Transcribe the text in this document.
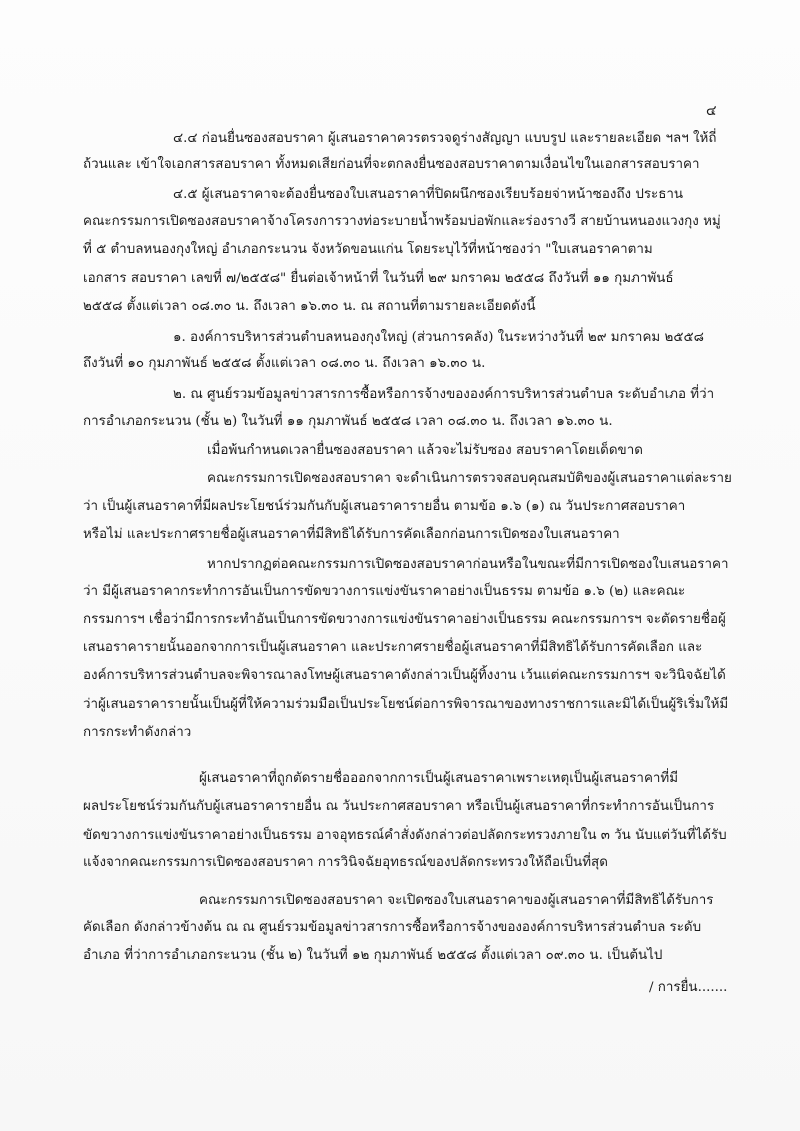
๔
๔.๔ ก่อนยื่นซองสอบราคา ผู้เสนอราคาควรตรวจดูร่างสัญญา แบบรูป และรายละเอียด ฯลฯ ให้ถี่
ถ้วนและ เข้าใจเอกสารสอบราคา ทั้งหมดเสียก่อนที่จะตกลงยื่นซองสอบราคาตามเงื่อนไขในเอกสารสอบราคา
๔.๕ ผู้เสนอราคาจะต้องยื่นซองใบเสนอราคาที่ปิดผนึกซองเรียบร้อยจ่าหน้าซองถึง ประธาน
คณะกรรมการเปิดซองสอบราคาจ้างโครงการวางท่อระบายน้ำพร้อมบ่อพักและร่องรางวี สายบ้านหนองแวงกุง หมู่
ที่ ๕ ตำบลหนองกุงใหญ่ อำเภอกระนวน จังหวัดขอนแก่น โดยระบุไว้ที่หน้าซองว่า "ใบเสนอราคาตาม
เอกสาร สอบราคา เลขที่ ๗/๒๕๕๘" ยื่นต่อเจ้าหน้าที่ ในวันที่ ๒๙ มกราคม ๒๕๕๘ ถึงวันที่ ๑๑ กุมภาพันธ์
๒๕๕๘ ตั้งแต่เวลา ๐๘.๓๐ น. ถึงเวลา ๑๖.๓๐ น. ณ สถานที่ตามรายละเอียดดังนี้
๑. องค์การบริหารส่วนตำบลหนองกุงใหญ่ (ส่วนการคลัง) ในระหว่างวันที่ ๒๙ มกราคม ๒๕๕๘
ถึงวันที่ ๑๐ กุมภาพันธ์ ๒๕๕๘ ตั้งแต่เวลา ๐๘.๓๐ น. ถึงเวลา ๑๖.๓๐ น.
๒. ณ ศูนย์รวมข้อมูลข่าวสารการซื้อหรือการจ้างขององค์การบริหารส่วนตำบล ระดับอำเภอ ที่ว่า
การอำเภอกระนวน (ชั้น ๒) ในวันที่ ๑๑ กุมภาพันธ์ ๒๕๕๘ เวลา ๐๘.๓๐ น. ถึงเวลา ๑๖.๓๐ น.
เมื่อพ้นกำหนดเวลายื่นซองสอบราคา แล้วจะไม่รับซอง สอบราคาโดยเด็ดขาด
คณะกรรมการเปิดซองสอบราคา จะดำเนินการตรวจสอบคุณสมบัติของผู้เสนอราคาแต่ละราย
ว่า เป็นผู้เสนอราคาที่มีผลประโยชน์ร่วมกันกับผู้เสนอราคารายอื่น ตามข้อ ๑.๖ (๑) ณ วันประกาศสอบราคา
หรือไม่ และประกาศรายชื่อผู้เสนอราคาที่มีสิทธิได้รับการคัดเลือกก่อนการเปิดซองใบเสนอราคา
หากปรากฏต่อคณะกรรมการเปิดซองสอบราคาก่อนหรือในขณะที่มีการเปิดซองใบเสนอราคา
ว่า มีผู้เสนอราคากระทำการอันเป็นการขัดขวางการแข่งขันราคาอย่างเป็นธรรม ตามข้อ ๑.๖ (๒) และคณะ
กรรมการฯ เชื่อว่ามีการกระทำอันเป็นการขัดขวางการแข่งขันราคาอย่างเป็นธรรม คณะกรรมการฯ จะตัดรายชื่อผู้
เสนอราคารายนั้นออกจากการเป็นผู้เสนอราคา และประกาศรายชื่อผู้เสนอราคาที่มีสิทธิได้รับการคัดเลือก และ
องค์การบริหารส่วนตำบลจะพิจารณาลงโทษผู้เสนอราคาดังกล่าวเป็นผู้ทิ้งงาน เว้นแต่คณะกรรมการฯ จะวินิจฉัยได้
ว่าผู้เสนอราคารายนั้นเป็นผู้ที่ให้ความร่วมมือเป็นประโยชน์ต่อการพิจารณาของทางราชการและมิได้เป็นผู้ริเริ่มให้มี
การกระทำดังกล่าว
ผู้เสนอราคาที่ถูกตัดรายชื่อออกจากการเป็นผู้เสนอราคาเพราะเหตุเป็นผู้เสนอราคาที่มี
ผลประโยชน์ร่วมกันกับผู้เสนอราคารายอื่น ณ วันประกาศสอบราคา หรือเป็นผู้เสนอราคาที่กระทำการอันเป็นการ
ขัดขวางการแข่งขันราคาอย่างเป็นธรรม อาจอุทธรณ์คำสั่งดังกล่าวต่อปลัดกระทรวงภายใน ๓ วัน นับแต่วันที่ได้รับ
แจ้งจากคณะกรรมการเปิดซองสอบราคา การวินิจฉัยอุทธรณ์ของปลัดกระทรวงให้ถือเป็นที่สุด
คณะกรรมการเปิดซองสอบราคา จะเปิดซองใบเสนอราคาของผู้เสนอราคาที่มีสิทธิได้รับการ
คัดเลือก ดังกล่าวข้างต้น ณ ณ ศูนย์รวมข้อมูลข่าวสารการซื้อหรือการจ้างขององค์การบริหารส่วนตำบล ระดับ
อำเภอ ที่ว่าการอำเภอกระนวน (ชั้น ๒) ในวันที่ ๑๒ กุมภาพันธ์ ๒๕๕๘ ตั้งแต่เวลา ๐๙.๓๐ น. เป็นต้นไป
/ การยื่น.......
